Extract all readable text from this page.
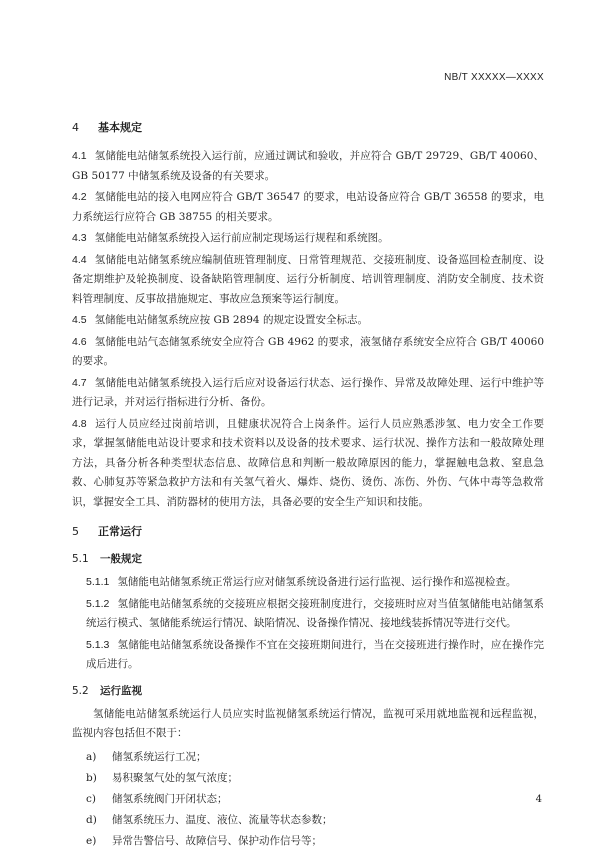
NB/T XXXXX—XXXX
4 基本规定
4.1 氢储能电站储氢系统投入运行前，应通过调试和验收，并应符合 GB/T 29729、GB/T 40060、GB 50177 中储氢系统及设备的有关要求。
4.2 氢储能电站的接入电网应符合 GB/T 36547 的要求，电站设备应符合 GB/T 36558 的要求，电力系统运行应符合 GB 38755 的相关要求。
4.3 氢储能电站储氢系统投入运行前应制定现场运行规程和系统图。
4.4 氢储能电站储氢系统应编制值班管理制度、日常管理规范、交接班制度、设备巡回检查制度、设备定期维护及轮换制度、设备缺陷管理制度、运行分析制度、培训管理制度、消防安全制度、技术资料管理制度、反事故措施规定、事故应急预案等运行制度。
4.5 氢储能电站储氢系统应按 GB 2894 的规定设置安全标志。
4.6 氢储能电站气态储氢系统安全应符合 GB 4962 的要求，液氢储存系统安全应符合 GB/T 40060 的要求。
4.7 氢储能电站储氢系统投入运行后应对设备运行状态、运行操作、异常及故障处理、运行中维护等进行记录，并对运行指标进行分析、备份。
4.8 运行人员应经过岗前培训，且健康状况符合上岗条件。运行人员应熟悉涉氢、电力安全工作要求，掌握氢储能电站设计要求和技术资料以及设备的技术要求、运行状况、操作方法和一般故障处理方法，具备分析各种类型状态信息、故障信息和判断一般故障原因的能力，掌握触电急救、窒息急救、心肺复苏等紧急救护方法和有关氢气着火、爆炸、烧伤、烫伤、冻伤、外伤、气体中毒等急救常识，掌握安全工具、消防器材的使用方法，具备必要的安全生产知识和技能。
5 正常运行
5.1 一般规定
5.1.1 氢储能电站储氢系统正常运行应对储氢系统设备进行运行监视、运行操作和巡视检查。
5.1.2 氢储能电站储氢系统的交接班应根据交接班制度进行，交接班时应对当值氢储能电站储氢系统运行模式、氢储能系统运行情况、缺陷情况、设备操作情况、接地线装拆情况等进行交代。
5.1.3 氢储能电站储氢系统设备操作不宜在交接班期间进行，当在交接班进行操作时，应在操作完成后进行。
5.2 运行监视
氢储能电站储氢系统运行人员应实时监视储氢系统运行情况，监视可采用就地监视和远程监视，监视内容包括但不限于：
a) 储氢系统运行工况；
b) 易积聚氢气处的氢气浓度；
c) 储氢系统阀门开闭状态；
d) 储氢系统压力、温度、液位、流量等状态参数；
e) 异常告警信号、故障信号、保护动作信号等；
4
